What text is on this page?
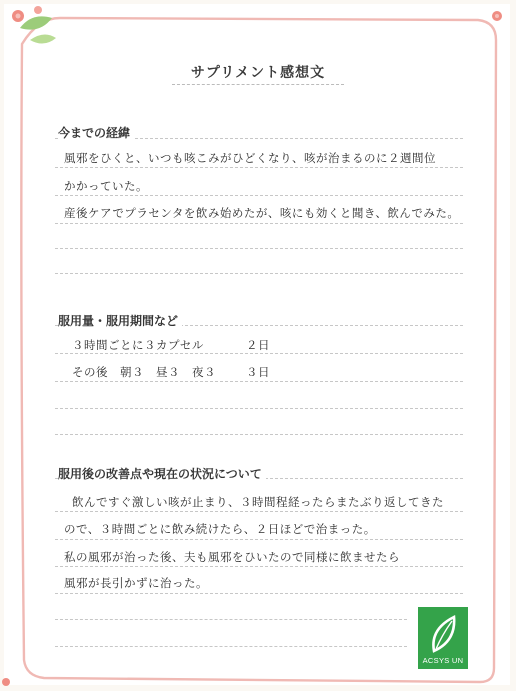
サプリメント感想文
今までの経緯
風邪をひくと、いつも咳こみがひどくなり、咳が治まるのに２週間位
かかっていた。
産後ケアでプラセンタを飲み始めたが、咳にも効くと聞き、飲んでみた。
服用量・服用期間など
３時間ごとに３カプセル	２日
その後　朝３　昼３　夜３	３日
服用後の改善点や現在の状況について
飲んですぐ激しい咳が止まり、３時間程経ったらまたぶり返してきた
ので、３時間ごとに飲み続けたら、２日ほどで治まった。
私の風邪が治った後、夫も風邪をひいたので同様に飲ませたら
風邪が長引かずに治った。
ACSYS UN
